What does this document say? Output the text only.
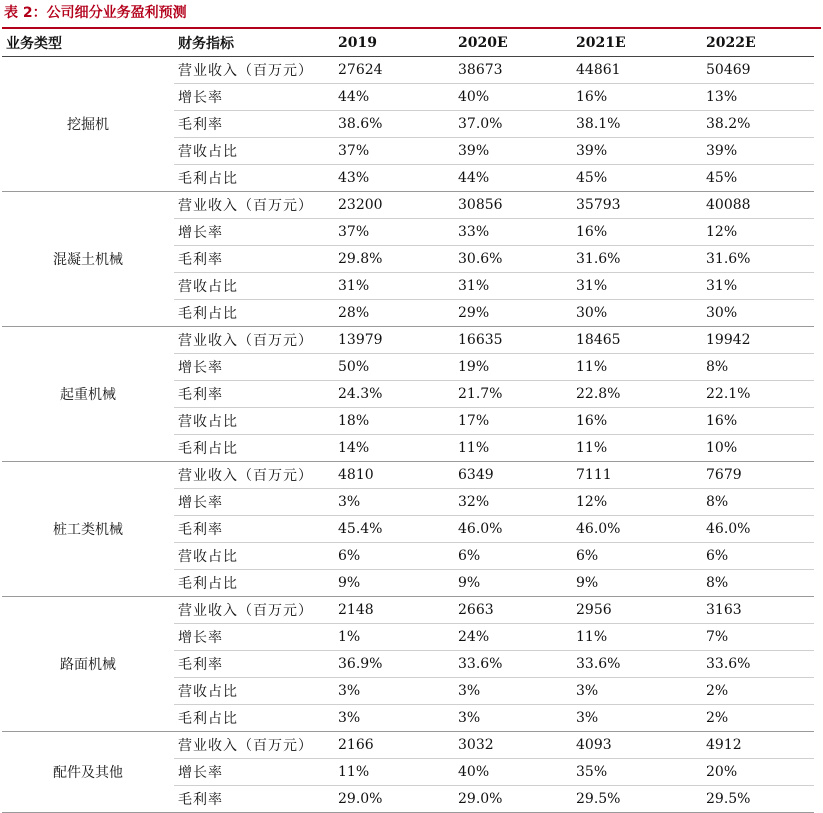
表 2：公司细分业务盈利预测
业务类型	财务指标	2019	2020E	2021E	2022E
挖掘机	营业收入（百万元）	27624	38673	44861	50469
	增长率	44%	40%	16%	13%
	毛利率	38.6%	37.0%	38.1%	38.2%
	营收占比	37%	39%	39%	39%
	毛利占比	43%	44%	45%	45%
混凝土机械	营业收入（百万元）	23200	30856	35793	40088
	增长率	37%	33%	16%	12%
	毛利率	29.8%	30.6%	31.6%	31.6%
	营收占比	31%	31%	31%	31%
	毛利占比	28%	29%	30%	30%
起重机械	营业收入（百万元）	13979	16635	18465	19942
	增长率	50%	19%	11%	8%
	毛利率	24.3%	21.7%	22.8%	22.1%
	营收占比	18%	17%	16%	16%
	毛利占比	14%	11%	11%	10%
桩工类机械	营业收入（百万元）	4810	6349	7111	7679
	增长率	3%	32%	12%	8%
	毛利率	45.4%	46.0%	46.0%	46.0%
	营收占比	6%	6%	6%	6%
	毛利占比	9%	9%	9%	8%
路面机械	营业收入（百万元）	2148	2663	2956	3163
	增长率	1%	24%	11%	7%
	毛利率	36.9%	33.6%	33.6%	33.6%
	营收占比	3%	3%	3%	2%
	毛利占比	3%	3%	3%	2%
配件及其他	营业收入（百万元）	2166	3032	4093	4912
	增长率	11%	40%	35%	20%
	毛利率	29.0%	29.0%	29.5%	29.5%
